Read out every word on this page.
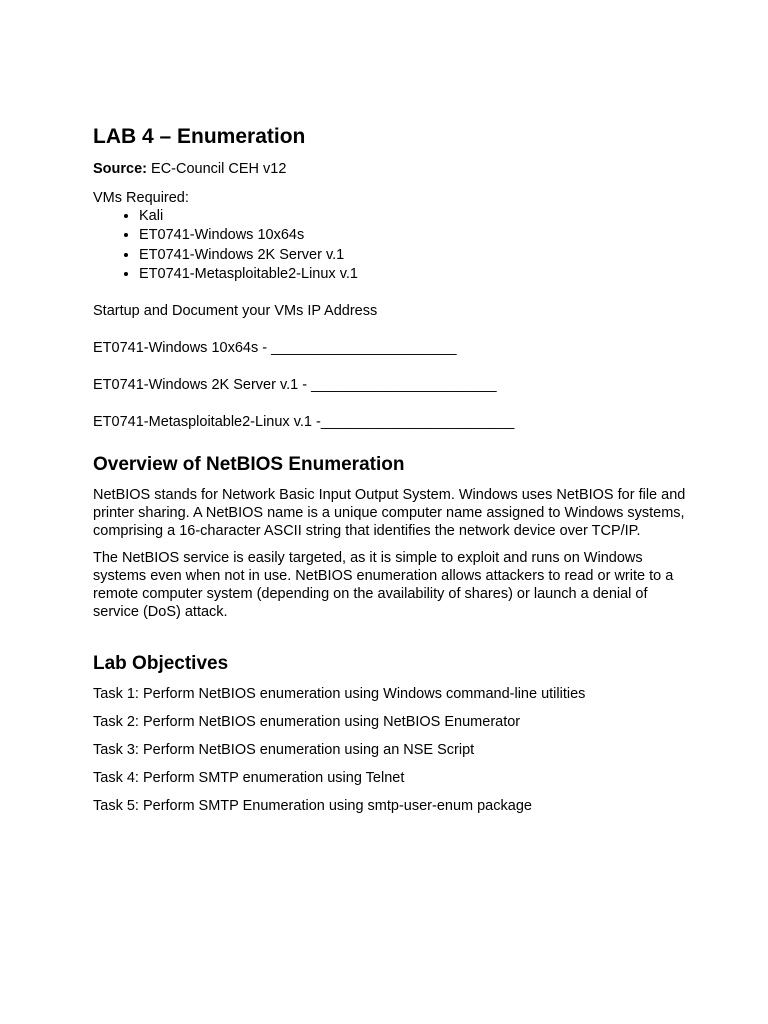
LAB 4 – Enumeration

Source: EC-Council CEH v12

VMs Required:

• Kali
• ET0741-Windows 10x64s
• ET0741-Windows 2K Server v.1
• ET0741-Metasploitable2-Linux v.1

Startup and Document your VMs IP Address

ET0741-Windows 10x64s - _______________________

ET0741-Windows 2K Server v.1 - _______________________

ET0741-Metasploitable2-Linux v.1 -________________________

Overview of NetBIOS Enumeration

NetBIOS stands for Network Basic Input Output System. Windows uses NetBIOS for file and printer sharing. A NetBIOS name is a unique computer name assigned to Windows systems, comprising a 16-character ASCII string that identifies the network device over TCP/IP.

The NetBIOS service is easily targeted, as it is simple to exploit and runs on Windows systems even when not in use. NetBIOS enumeration allows attackers to read or write to a remote computer system (depending on the availability of shares) or launch a denial of service (DoS) attack.

Lab Objectives

Task 1: Perform NetBIOS enumeration using Windows command-line utilities

Task 2: Perform NetBIOS enumeration using NetBIOS Enumerator

Task 3: Perform NetBIOS enumeration using an NSE Script

Task 4: Perform SMTP enumeration using Telnet

Task 5: Perform SMTP Enumeration using smtp-user-enum package
